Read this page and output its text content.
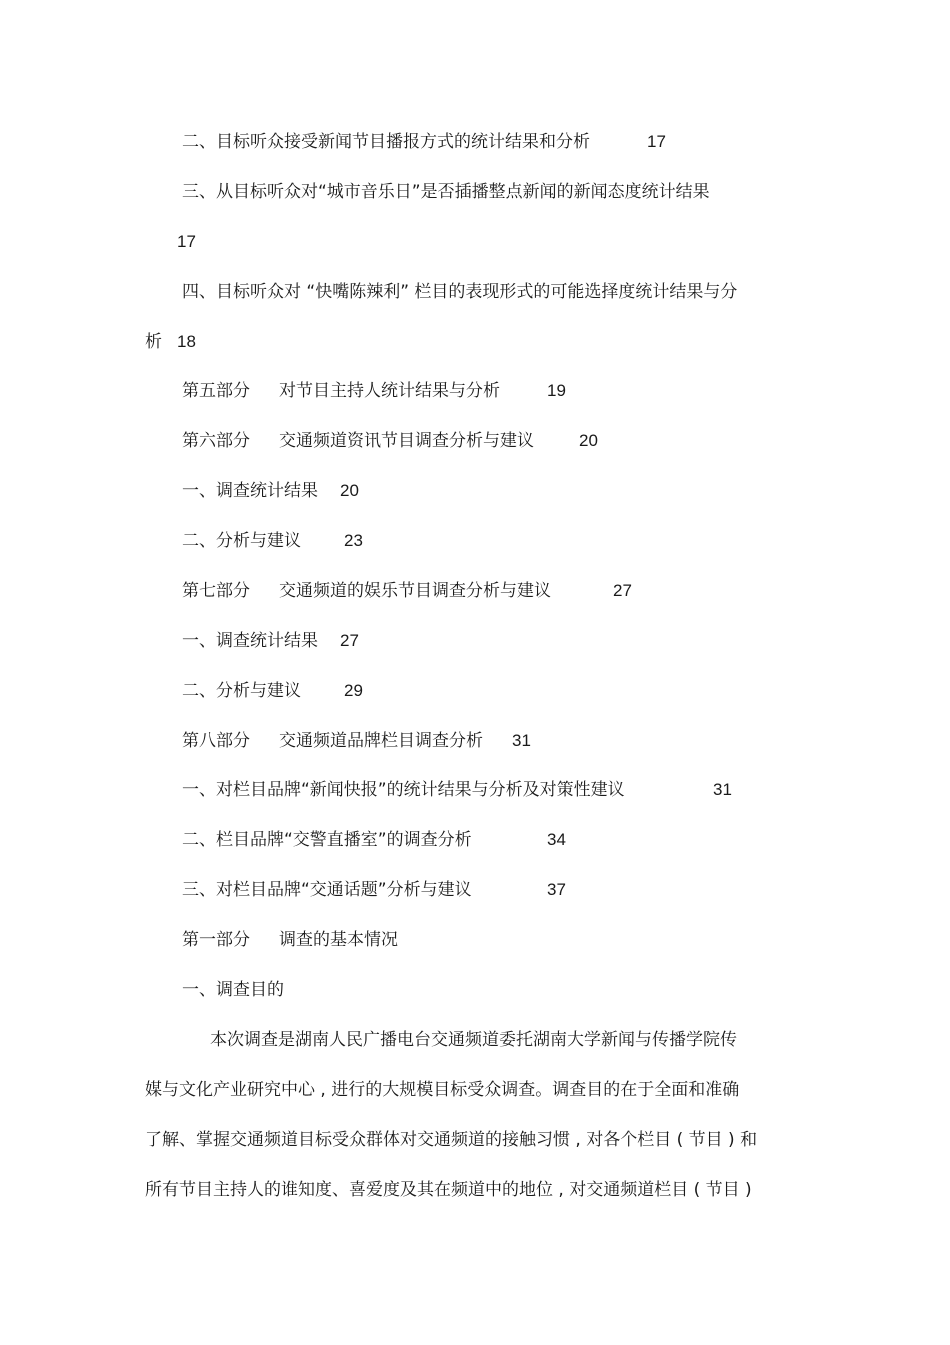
二、目标听众接受新闻节目播报方式的统计结果和分析	17
三、从目标听众对“城市音乐日”是否插播整点新闻的新闻态度统计结果
17
四、目标听众对 “快嘴陈辣利” 栏目的表现形式的可能选择度统计结果与分
析 18
第五部分 对节目主持人统计结果与分析	19
第六部分 交通频道资讯节目调查分析与建议	20
一、调查统计结果 20
二、分析与建议	23
第七部分 交通频道的娱乐节目调查分析与建议	27
一、调查统计结果 27
二、分析与建议	29
第八部分 交通频道品牌栏目调查分析 31
一、对栏目品牌“新闻快报”的统计结果与分析及对策性建议	31
二、栏目品牌“交警直播室”的调查分析	34
三、对栏目品牌“交通话题”分析与建议	37
第一部分 调查的基本情况
一、调查目的
本次调查是湖南人民广播电台交通频道委托湖南大学新闻与传播学院传
媒与文化产业研究中心 , 进行的大规模目标受众调查。调查目的在于全面和准确
了解、掌握交通频道目标受众群体对交通频道的接触习惯 , 对各个栏目 ( 节目 ) 和
所有节目主持人的谁知度、喜爱度及其在频道中的地位 , 对交通频道栏目 ( 节目 )
